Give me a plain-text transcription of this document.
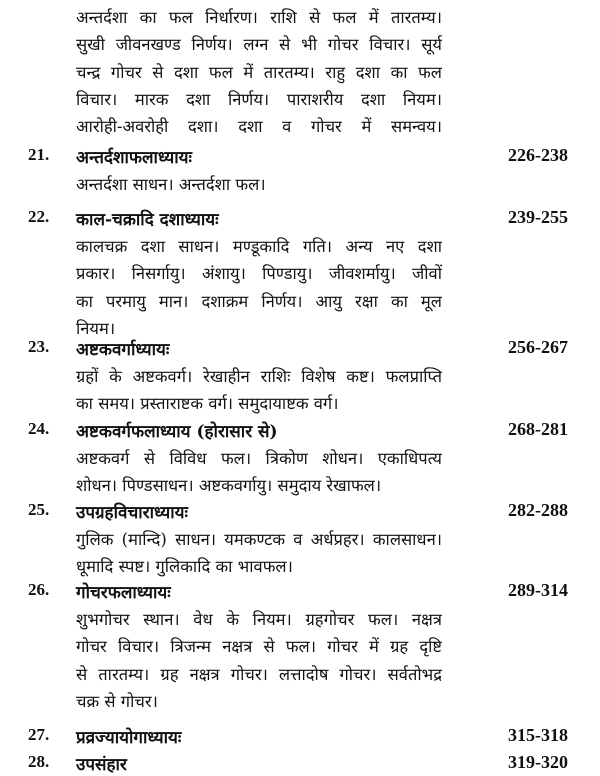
अन्तर्दशा का फल निर्धारण। राशि से फल में तारतम्य।
सुखी जीवनखण्ड निर्णय। लग्न से भी गोचर विचार। सूर्य
चन्द्र गोचर से दशा फल में तारतम्य। राहु दशा का फल
विचार। मारक दशा निर्णय। पाराशरीय दशा नियम।
आरोही-अवरोही दशा। दशा व गोचर में समन्वय।
21. अन्तर्दशाफलाध्यायः	226-238
अन्तर्दशा साधन। अन्तर्दशा फल।
22. काल-चक्रादि दशाध्यायः	239-255
कालचक्र दशा साधन। मण्डूकादि गति। अन्य नए दशा
प्रकार। निसर्गायु। अंशायु। पिण्डायु। जीवशर्मायु। जीवों
का परमायु मान। दशाक्रम निर्णय। आयु रक्षा का मूल
नियम।
23. अष्टकवर्गाध्यायः	256-267
ग्रहों के अष्टकवर्ग। रेखाहीन राशिः विशेष कष्ट। फलप्राप्ति
का समय। प्रस्ताराष्टक वर्ग। समुदायाष्टक वर्ग।
24. अष्टकवर्गफलाध्याय (होरासार से)	268-281
अष्टकवर्ग से विविध फल। त्रिकोण शोधन। एकाधिपत्य
शोधन। पिण्डसाधन। अष्टकवर्गायु। समुदाय रेखाफल।
25. उपग्रहविचाराध्यायः	282-288
गुलिक (मान्दि) साधन। यमकण्टक व अर्धप्रहर। कालसाधन।
धूमादि स्पष्ट। गुलिकादि का भावफल।
26. गोचरफलाध्यायः	289-314
शुभगोचर स्थान। वेध के नियम। ग्रहगोचर फल। नक्षत्र
गोचर विचार। त्रिजन्म नक्षत्र से फल। गोचर में ग्रह दृष्टि
से तारतम्य। ग्रह नक्षत्र गोचर। लत्तादोष गोचर। सर्वतोभद्र
चक्र से गोचर।
27. प्रव्रज्यायोगाध्यायः	315-318
28. उपसंहार	319-320
